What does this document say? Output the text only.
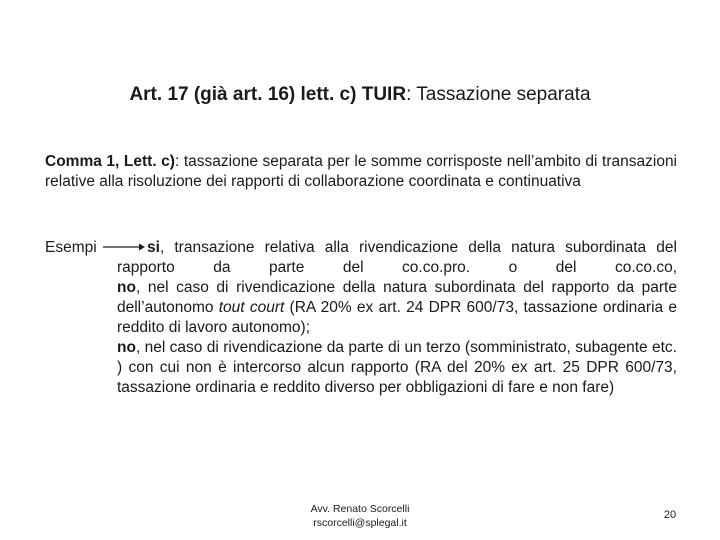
Art. 17 (già art. 16) lett. c) TUIR: Tassazione separata
Comma 1, Lett. c): tassazione separata per le somme corrisposte nell’ambito di transazioni relative alla risoluzione dei rapporti di collaborazione coordinata e continuativa
Esempi	si, transazione relativa alla rivendicazione della natura subordinata del rapporto da parte del co.co.pro. o del co.co.co,
no, nel caso di rivendicazione della natura subordinata del rapporto da parte dell’autonomo tout court (RA 20% ex art. 24 DPR 600/73, tassazione ordinaria e reddito di lavoro autonomo);
no, nel caso di rivendicazione da parte di un terzo (somministrato, subagente etc. ) con cui non è intercorso alcun rapporto (RA del 20% ex art. 25 DPR 600/73, tassazione ordinaria e reddito diverso per obbligazioni di fare e non fare)
Avv. Renato Scorcelli
rscorcelli@splegal.it
20
